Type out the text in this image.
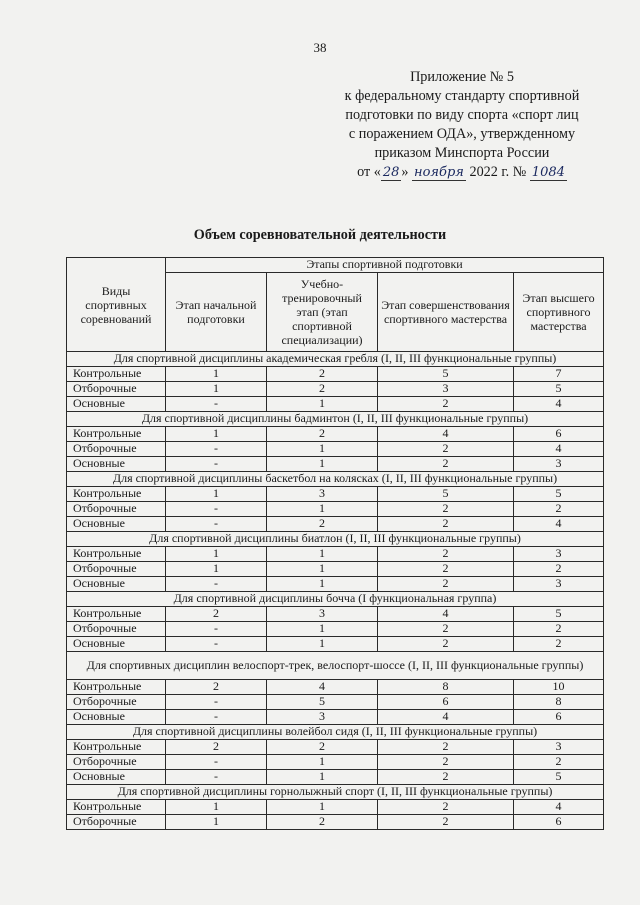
38
Приложение № 5
к федеральному стандарту спортивной
подготовки по виду спорта «спорт лиц
с поражением ОДА», утвержденному
приказом Минспорта России
от « 28 » ноября 2022 г. № 1084
Объем соревновательной деятельности
Виды спортивных соревнований	Этапы спортивной подготовки			
	Этап начальной подготовки	Учебно-тренировочный этап (этап спортивной специализации)	Этап совершенствования спортивного мастерства	Этап высшего спортивного мастерства
Для спортивной дисциплины академическая гребля (I, II, III функциональные группы)				
Контрольные	1	2	5	7
Отборочные	1	2	3	5
Основные	-	1	2	4
Для спортивной дисциплины бадминтон (I, II, III функциональные группы)				
Контрольные	1	2	4	6
Отборочные	-	1	2	4
Основные	-	1	2	3
Для спортивной дисциплины баскетбол на колясках (I, II, III функциональные группы)				
Контрольные	1	3	5	5
Отборочные	-	1	2	2
Основные	-	2	2	4
Для спортивной дисциплины биатлон (I, II, III функциональные группы)				
Контрольные	1	1	2	3
Отборочные	1	1	2	2
Основные	-	1	2	3
Для спортивной дисциплины бочча (I функциональная группа)				
Контрольные	2	3	4	5
Отборочные	-	1	2	2
Основные	-	1	2	2
Для спортивных дисциплин велоспорт-трек, велоспорт-шоссе (I, II, III функциональные группы)				
Контрольные	2	4	8	10
Отборочные	-	5	6	8
Основные	-	3	4	6
Для спортивной дисциплины волейбол сидя (I, II, III функциональные группы)				
Контрольные	2	2	2	3
Отборочные	-	1	2	2
Основные	-	1	2	5
Для спортивной дисциплины горнолыжный спорт (I, II, III функциональные группы)				
Контрольные	1	1	2	4
Отборочные	1	2	2	6
